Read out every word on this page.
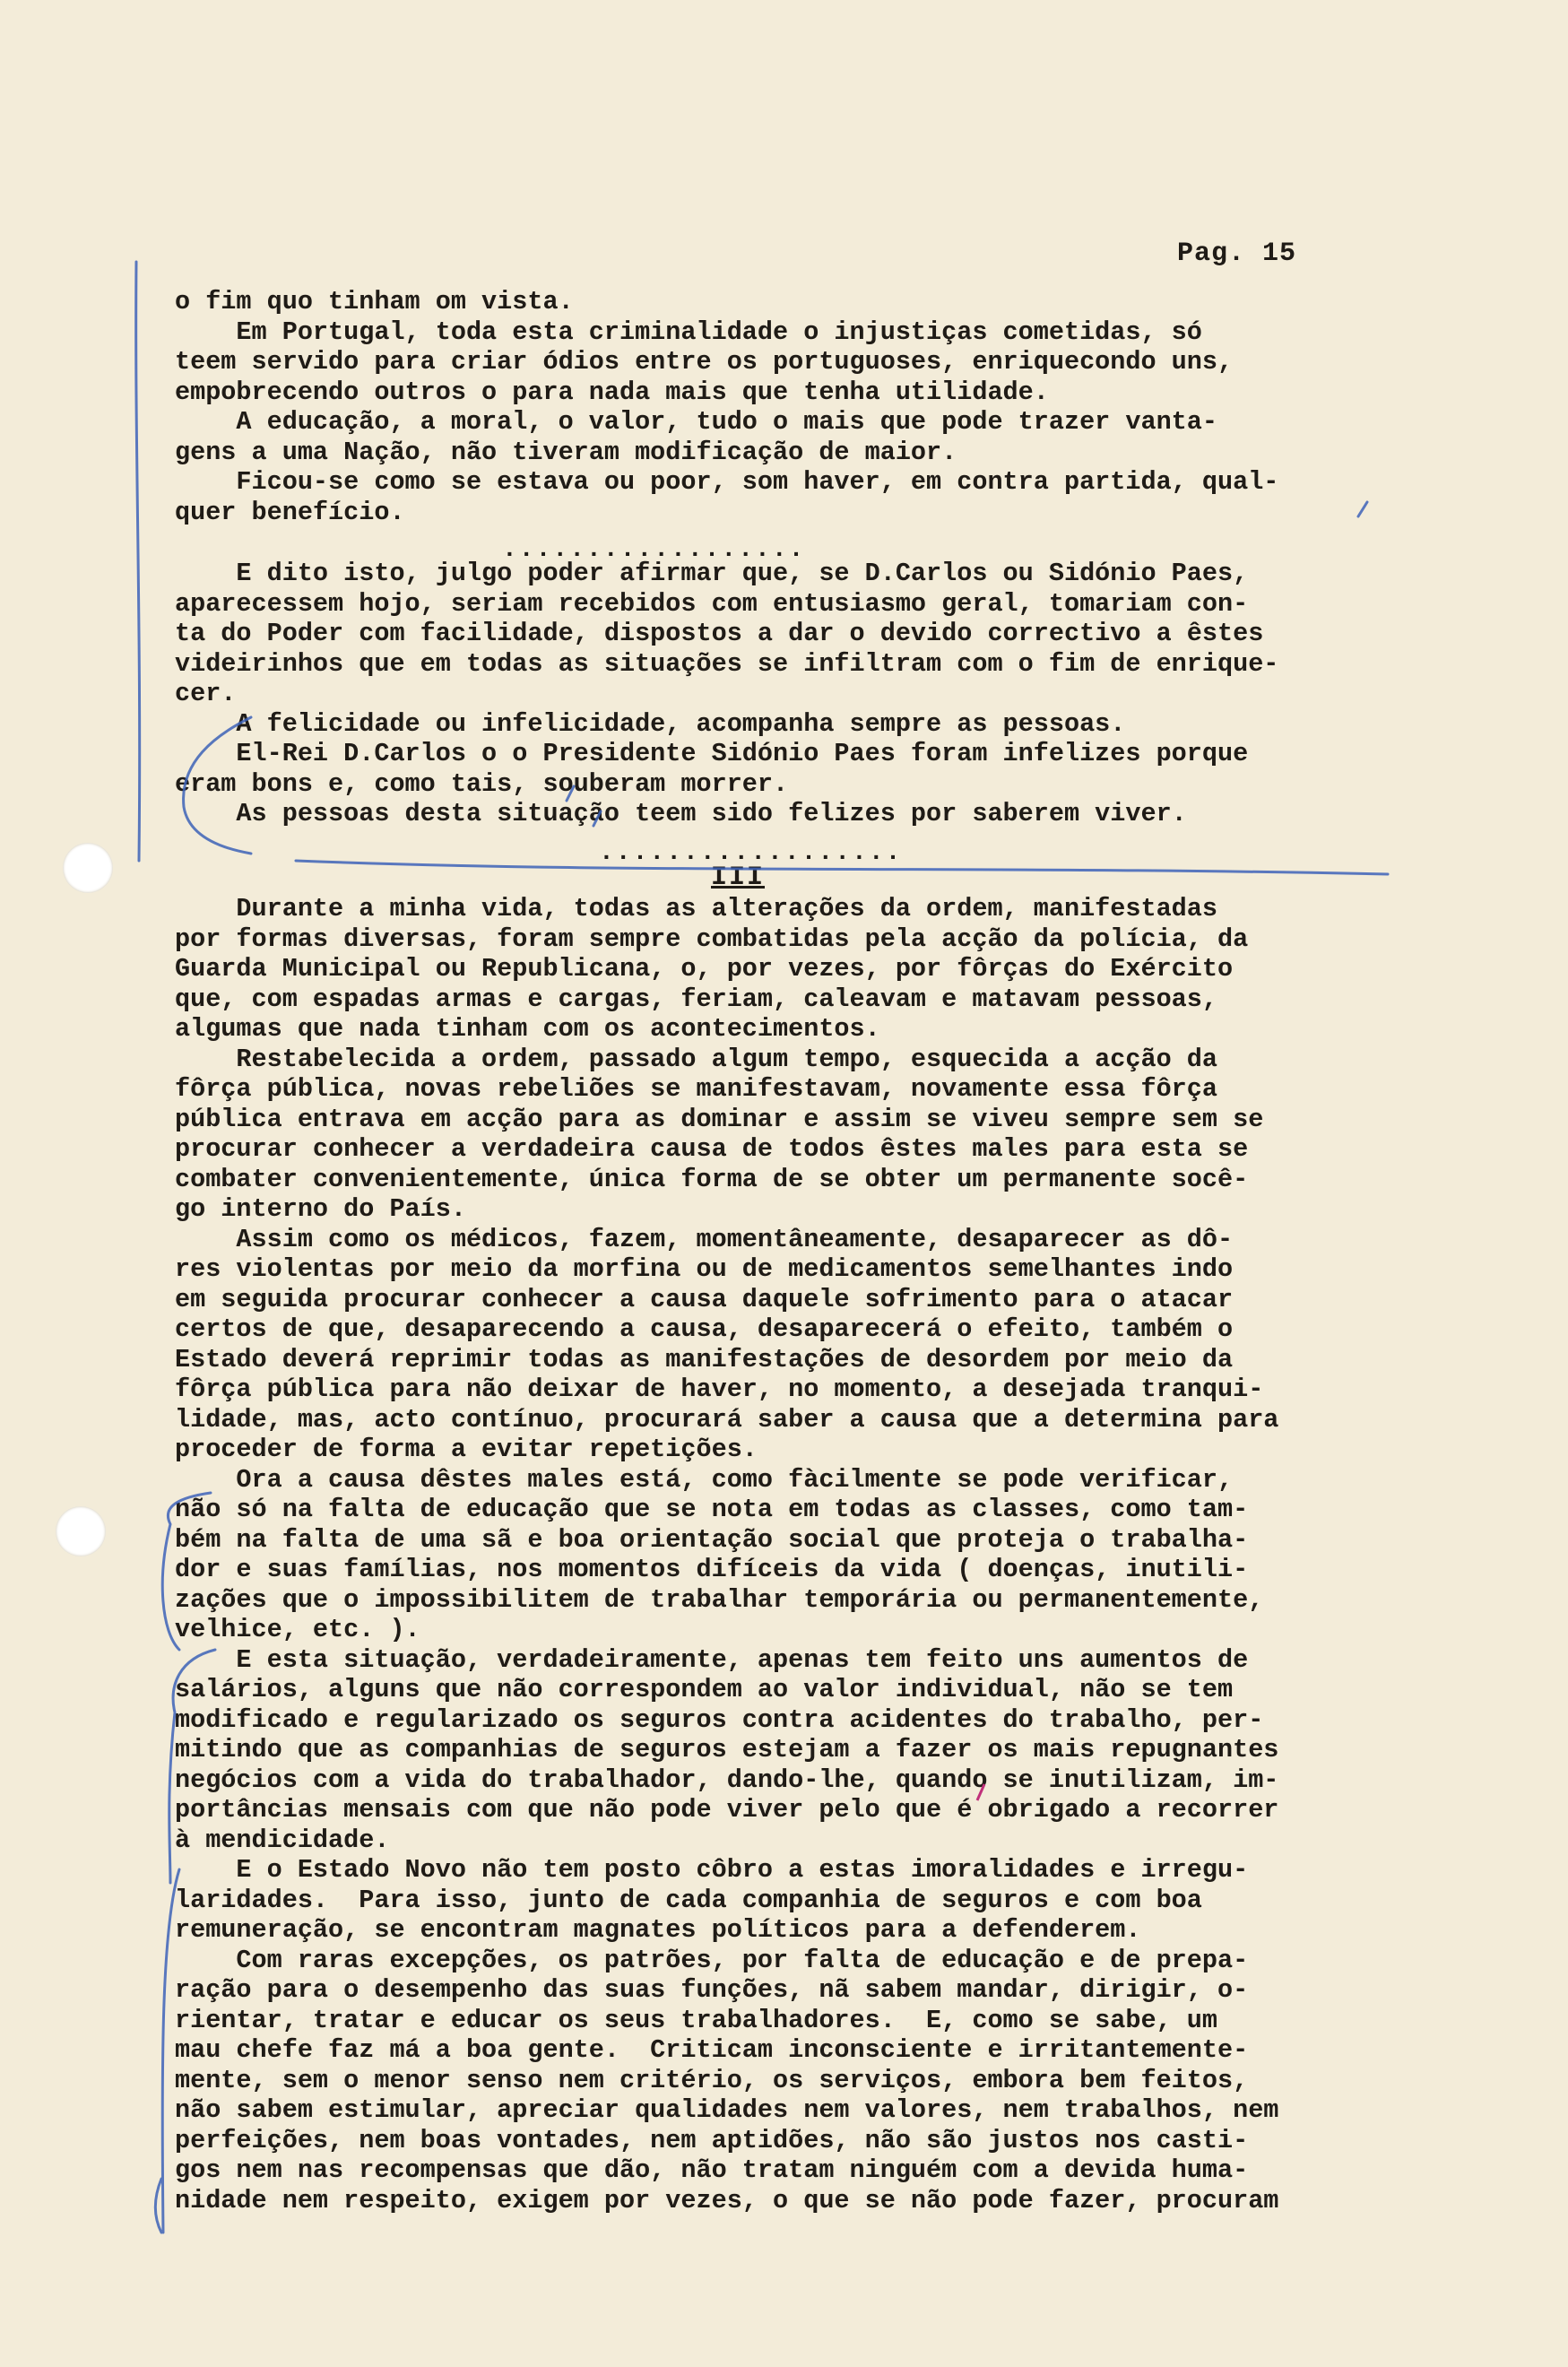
Pag. 15
o fim quo tinham om vista.
Em Portugal, toda esta criminalidade o injustiças cometidas, só
teem servido para criar ódios entre os portuguoses, enriquecondo uns,
empobrecendo outros o para nada mais que tenha utilidade.
A educação, a moral, o valor, tudo o mais que pode trazer vanta-
gens a uma Nação, não tiveram modificação de maior.
Ficou-se como se estava ou poor, som haver, em contra partida, qual-
quer benefício.
..................
E dito isto, julgo poder afirmar que, se D.Carlos ou Sidónio Paes,
aparecessem hojo, seriam recebidos com entusiasmo geral, tomariam con-
ta do Poder com facilidade, dispostos a dar o devido correctivo a êstes
videirinhos que em todas as situações se infiltram com o fim de enrique-
cer.
A felicidade ou infelicidade, acompanha sempre as pessoas.
El-Rei D.Carlos o o Presidente Sidónio Paes foram infelizes porque
eram bons e, como tais, souberam morrer.
As pessoas desta situação teem sido felizes por saberem viver.
..................
III
Durante a minha vida, todas as alterações da ordem, manifestadas
por formas diversas, foram sempre combatidas pela acção da polícia, da
Guarda Municipal ou Republicana, o, por vezes, por fôrças do Exército
que, com espadas armas e cargas, feriam, caleavam e matavam pessoas,
algumas que nada tinham com os acontecimentos.
Restabelecida a ordem, passado algum tempo, esquecida a acção da
fôrça pública, novas rebeliões se manifestavam, novamente essa fôrça
pública entrava em acção para as dominar e assim se viveu sempre sem se
procurar conhecer a verdadeira causa de todos êstes males para esta se
combater convenientemente, única forma de se obter um permanente socê-
go interno do País.
Assim como os médicos, fazem, momentâneamente, desaparecer as dô-
res violentas por meio da morfina ou de medicamentos semelhantes indo
em seguida procurar conhecer a causa daquele sofrimento para o atacar
certos de que, desaparecendo a causa, desaparecerá o efeito, também o
Estado deverá reprimir todas as manifestações de desordem por meio da
fôrça pública para não deixar de haver, no momento, a desejada tranqui-
lidade, mas, acto contínuo, procurará saber a causa que a determina para
proceder de forma a evitar repetições.
Ora a causa dêstes males está, como fàcilmente se pode verificar,
não só na falta de educação que se nota em todas as classes, como tam-
bém na falta de uma sã e boa orientação social que proteja o trabalha-
dor e suas famílias, nos momentos difíceis da vida ( doenças, inutili-
zações que o impossibilitem de trabalhar temporária ou permanentemente,
velhice, etc. ).
E esta situação, verdadeiramente, apenas tem feito uns aumentos de
salários, alguns que não correspondem ao valor individual, não se tem
modificado e regularizado os seguros contra acidentes do trabalho, per-
mitindo que as companhias de seguros estejam a fazer os mais repugnantes
negócios com a vida do trabalhador, dando-lhe, quando se inutilizam, im-
portâncias mensais com que não pode viver pelo que é obrigado a recorrer
à mendicidade.
E o Estado Novo não tem posto côbro a estas imoralidades e irregu-
laridades.  Para isso, junto de cada companhia de seguros e com boa
remuneração, se encontram magnates políticos para a defenderem.
Com raras excepções, os patrões, por falta de educação e de prepa-
ração para o desempenho das suas funções, nã sabem mandar, dirigir, o-
rientar, tratar e educar os seus trabalhadores.  E, como se sabe, um
mau chefe faz má a boa gente.  Criticam inconsciente e irritantemente-
mente, sem o menor senso nem critério, os serviços, embora bem feitos,
não sabem estimular, apreciar qualidades nem valores, nem trabalhos, nem
perfeições, nem boas vontades, nem aptidões, não são justos nos casti-
gos nem nas recompensas que dão, não tratam ninguém com a devida huma-
nidade nem respeito, exigem por vezes, o que se não pode fazer, procuram
